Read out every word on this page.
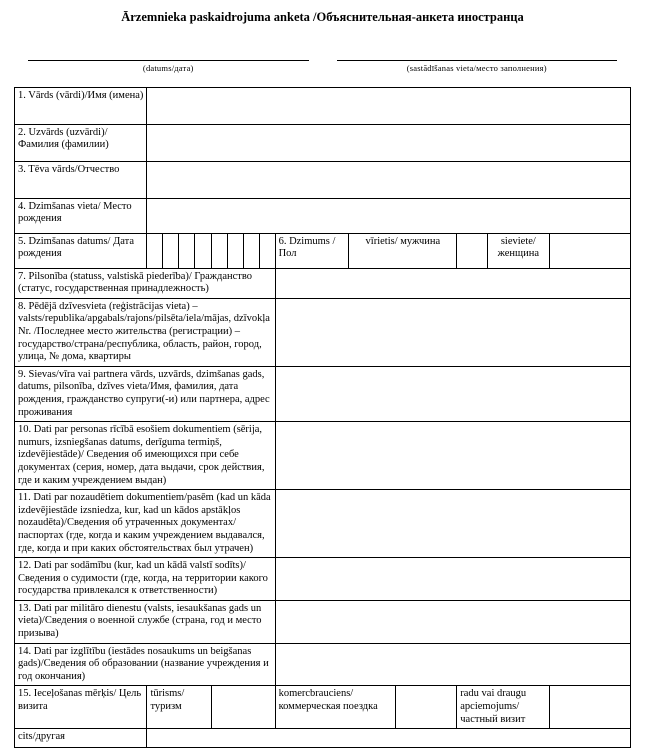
Ārzemnieka paskaidrojuma anketa /Объяснительная-анкета иностранца
(datums/дата)	(sastādīšanas vieta/место заполнения)
1. Vārds (vārdi)/Имя (имена)														
2. Uzvārds (uzvārdi)/Фамилия (фамилии)														
3. Tēva vārds/Отчество														
4. Dzimšanas vieta/ Место рождения														
5. Dzimšanas datums/ Дата рождения									6. Dzimums /Пол	vīrietis/ мужчина			sieviete/ женщина	
7. Pilsonība (statuss, valstiskā piederība)/ Гражданство (статус, государственная принадлежность)														
8. Pēdējā dzīvesvieta (reģistrācijas vieta) – valsts/republika/apgabals/rajons/pilsēta/iela/mājas, dzīvokļa Nr. /Последнее место жительства (регистрации) – государство/страна/республика, область, район, город, улица, № дома, квартиры														
9. Sievas/vīra vai partnera vārds, uzvārds, dzimšanas gads, datums, pilsonība, dzīves vieta/Имя, фамилия, дата рождения, гражданство супруги(-и) или партнера, адрес проживания														
10. Dati par personas rīcībā esošiem dokumentiem (sērija, numurs, izsniegšanas datums, derīguma termiņš, izdevējiestāde)/ Сведения об имеющихся при себе документах (серия, номер, дата выдачи, срок действия, где и каким учреждением выдан)														
11. Dati par nozaudētiem dokumentiem/pasēm (kad un kāda izdevējiestāde izsniedza, kur, kad un kādos apstākļos nozaudēta)/Сведения об утраченных документах/паспортах (где, когда и каким учреждением выдавался, где, когда и при каких обстоятельствах был утрачен)														
12. Dati par sodāmību (kur, kad un kādā valstī sodīts)/Сведения о судимости (где, когда, на территории какого государства привлекался к ответственности)														
13. Dati par militāro dienestu (valsts, iesaukšanas gads un vieta)/Сведения о военной службе (страна, год и место призыва)														
14. Dati par izglītību (iestādes nosaukums un beigšanas gads)/Сведения об образовании (название учреждения и год окончания)														
15. Ieceļošanas mērķis/ Цель визита	tūrisms/туризм								komercbrauciens/ коммерческая поездка			radu vai draugu apciemojums/ частный визит		
cits/другая														
